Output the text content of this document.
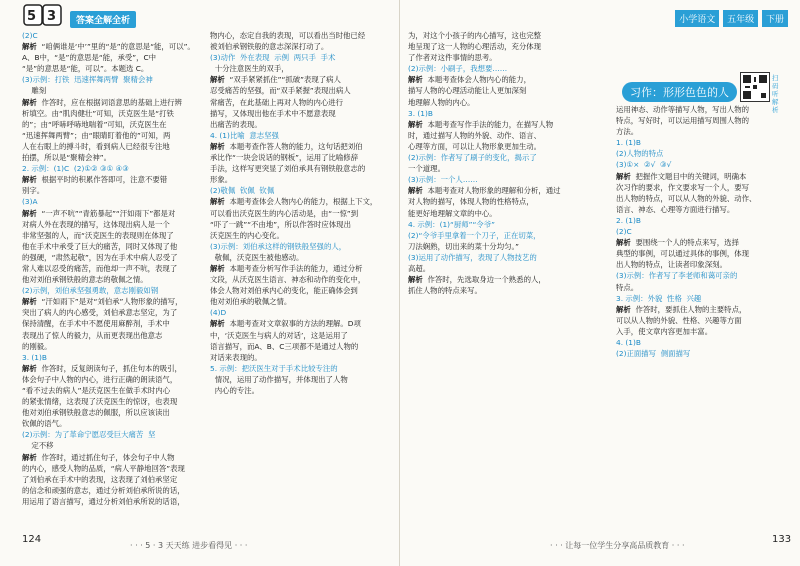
5 3	答案全解全析

(2)C

解析  “咱俩谁是‘中’”里的“是”的意思是“能，可以”。

A、B中，“是”的意思是“能，承受”，C中

“是”的意思是“能，可以”。本题选 C。

(3)示例：打铁  迅速挥舞两臂  聚精会神

雕刻

解析  作答时，应在根据词语意思的基础上进行辨

析填空。由“肌肉健壮”可知，沃克医生是“打铁

的”；由“呼哧呼哧地喘着”可知，沃克医生在

“迅速挥舞两臂”；由“眼睛盯着他的”可知，两

人在右眼上的搏斗时，看到病人已经很专注地

拍摆，所以是“聚精会神”。

2. 示例：(1)C  (2)①② ③① ④③

解析  根据平时的积累作答即可，注意不要错

别字。

(3)A

解析  “一声不吭”“青筋暴起”“汗如雨下”都是对

对病人外在表现的描写，这体现出病人是一个

非常坚强的人，而“沃克医生的表现则在体现了

他在手术中承受了巨大的痛苦，同时又体现了他

的强硬，“肃然起敬”，因为在手术中病人忍受了

常人难以忍受的痛苦，而他却一声不吭，表现了

他对刘伯承钢铁般的意志的敬佩之情。

(2)示例，刘伯承坚强勇敢，意志刚毅如钢

解析  “汗如雨下”是对“刘伯承”人物形象的描写，

突出了病人的内心感受，刘伯承意志坚定，为了

保持清醒，在手术中不愿使用麻醉剂，手术中

表现出了惊人的毅力，从而更表现出他意志

的刚毅。

3. (1)B

解析  作答时，反复朗读句子，抓住句本的吸引，

体会句子中人物的内心，进行正确的朗读语气，

“看不过去的病人”是沃克医生在做手术时内心

的紧张情绪，这表现了沃克医生的惊讶，也表现

他对刘伯承钢铁般意志的佩服，所以应该读出

钦佩的语气。

(2)示例：为了革命宁愿忍受巨大痛苦  坚

定不移

解析  作答时，通过抓住句子，体会句子中人物

的内心，感受人物的品质，“病人平静地回答”表现

了刘伯承在手术中的表现，这表现了刘伯承坚定

的信念和顽强的意志，通过分析刘伯承所说的话，

用运用了语言描写，通过分析刘伯承所说的话语，

物内心，态定自我的表现，可以看出当时他已经

被刘伯承钢铁般的意志深深打动了。

(3)动作  外在表现  示例  两只手  手术

十分注意医生的双手，

解析  “双手紧紧抓住”“抓破”表现了病人

忍受痛苦的坚强，而“双手紧握”表现出病人

常痛苦，在此基础上再对人物的内心进行

描写，又体现出他在手术中不愿意表现

出痛苦的表现。

4. (1)比喻  意志坚强

解析  本题考查作答人物的能力，这句话把刘伯

承比作“一块会说话的钢板”，运用了比喻修辞

手法，这样写更突显了刘伯承具有钢铁般意志的

形象。

(2)敬佩  钦佩  钦佩

解析  本题考查体会人物内心的能力，根据上下文，

可以看出沃克医生的内心活动是，由“一惊”到

“吓了一跳”“不由地”，所以作答时应体现出

沃克医生的内心变化。

(3)示例：刘伯承这样的钢铁般坚强的人，

敬佩，沃克医生被他感动。

解析  本题考查分析写作手法的能力，通过分析

文段，从沃克医生语言、神态和动作的变化中，

体会人物对刘伯承内心的变化，能正确体会到

他对刘伯承的敬佩之情。

(4)D

解析  本题考查对文章叙事的方法的理解。D项

中，‘沃克医生与病人的对话’，这是运用了

语言描写，而A、B、C三项都不是通过人物的

对话来表现的。

5. 示例：把沃医生对于手术比较专注的

情况，运用了动作描写，并体现出了人物

内心的专注。

124
· · · 5 · 3 天天练 进步看得见 · · ·
小学语文 五年级 下册

为，对这个小孩子的内心描写，这也完整

地呈现了这一人物的心理活动，充分体现

了作者对这件事情的思考。

(2)示例：小刷子，我想要……

解析  本题考查体会人物内心的能力，

描写人物的心理活动能让人更加深刻

地理解人物的内心。

3. (1)B

解析  本题考查写作手法的能力，在描写人物

时，通过描写人物的外貌、动作、语言、

心理等方面，可以让人物形象更加生动。

(2)示例：作者写了刷子的变化，揭示了

一个道理。

(3)示例：一个人……

解析  本题考查对人物形象的理解和分析，通过

对人物的描写，体现人物的性格特点，

能更好地理解文章的中心。

4. 示例：(1)“厨师”“令爷”

(2)“令爷手里拿着一个刀子，正在切菜，

刀法娴熟，切出来的菜十分均匀。”

(3)运用了动作描写，表现了人物技艺的

高超。

解析  作答时，先选取身边一个熟悉的人，

抓住人物的特点来写。

习作：形形色色的人
扫码听解析

运用神态、动作等描写人物，写出人物的

特点，写好时，可以运用描写周围人物的

方法。

1. (1)B

(2)人物的特点

(3)①×  ②√  ③√

解析  把握作文题目中的关键词，明确本

次习作的要求，作文要求写一个人，要写

出人物的特点，可以从人物的外貌、动作、

语言、神态、心理等方面进行描写。

2. (1)B

(2)C

解析  要围绕一个人的特点来写，选择

典型的事例，可以通过具体的事例，体现

出人物的特点，让读者印象深刻。

(3)示例：作者写了李老师和蔼可亲的

特点。

3. 示例：外貌  性格  兴趣

解析  作答时，要抓住人物的主要特点，

可以从人物的外貌、性格、兴趣等方面

入手，使文章内容更加丰富。

4. (1)B

(2)正面描写  侧面描写

· · · 让每一位学生分享高品质教育 · · ·
133
